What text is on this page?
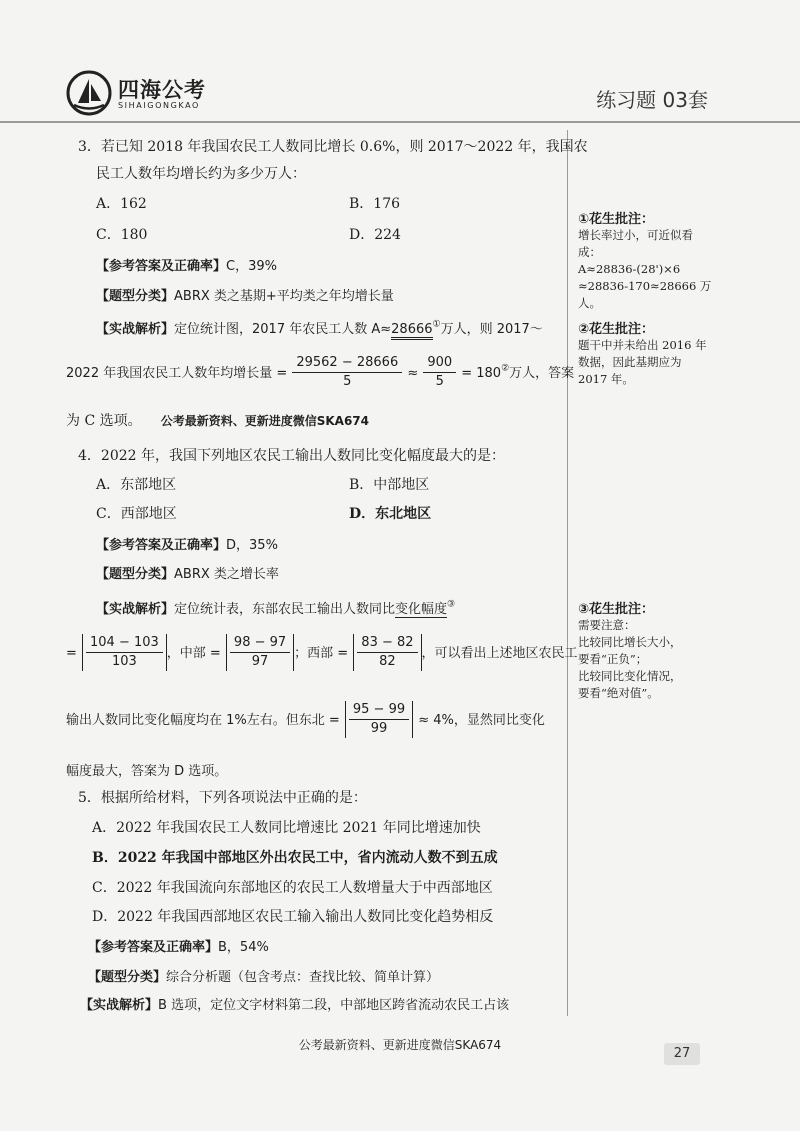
四海公考
SIHAIGONGKAO	练习题 03套
3．若已知 2018 年我国农民工人数同比增长 0.6%，则 2017～2022 年，我国农
民工人数年均增长约为多少万人：
A．162	B．176
C．180	D．224
【参考答案及正确率】C，39%
【题型分类】ABRX 类之基期+平均类之年均增长量
【实战解析】定位统计图，2017 年农民工人数 A≈28666①万人，则 2017～
2022 年我国农民工人数年均增长量 = $\frac{29562 - 28666}{5} \approx \frac{900}{5} = 180^②$万人，答案
为 C 选项。 公考最新资料、更新进度微信SKA674
4．2022 年，我国下列地区农民工输出人数同比变化幅度最大的是：
A．东部地区	B．中部地区
C．西部地区	D．东北地区
【参考答案及正确率】D，35%
【题型分类】ABRX 类之增长率
【实战解析】定位统计表，东部农民工输出人数同比变化幅度③
= $\frac{104 - 103}{103}$ ，中部 = $\frac{98 - 97}{97}$ ；西部 = $\frac{83 - 82}{82}$ ，可以看出上述地区农民工
输出人数同比变化幅度均在 1%左右。但东北 = $\frac{95 - 99}{99} \approx 4\%$，显然同比变化
幅度最大，答案为 D 选项。
5．根据所给材料，下列各项说法中正确的是：
A．2022 年我国农民工人数同比增速比 2021 年同比增速加快
B．2022 年我国中部地区外出农民工中，省内流动人数不到五成
C．2022 年我国流向东部地区的农民工人数增量大于中西部地区
D．2022 年我国西部地区农民工输入输出人数同比变化趋势相反
【参考答案及正确率】B，54%
【题型分类】综合分析题（包含考点：查找比较、简单计算）
【实战解析】B 选项，定位文字材料第二段，中部地区跨省流动农民工占该
①花生批注：
增长率过小，可近似看
成：
A≈28836-(28')×6
≈28836-170≈28666 万
人。
②花生批注：
题干中并未给出 2016 年
数据，因此基期应为
2017 年。
③花生批注：
需要注意：
比较同比增长大小，
要看“正负”；
比较同比变化情况，
要看“绝对值”。
公考最新资料、更新进度微信SKA674
27
